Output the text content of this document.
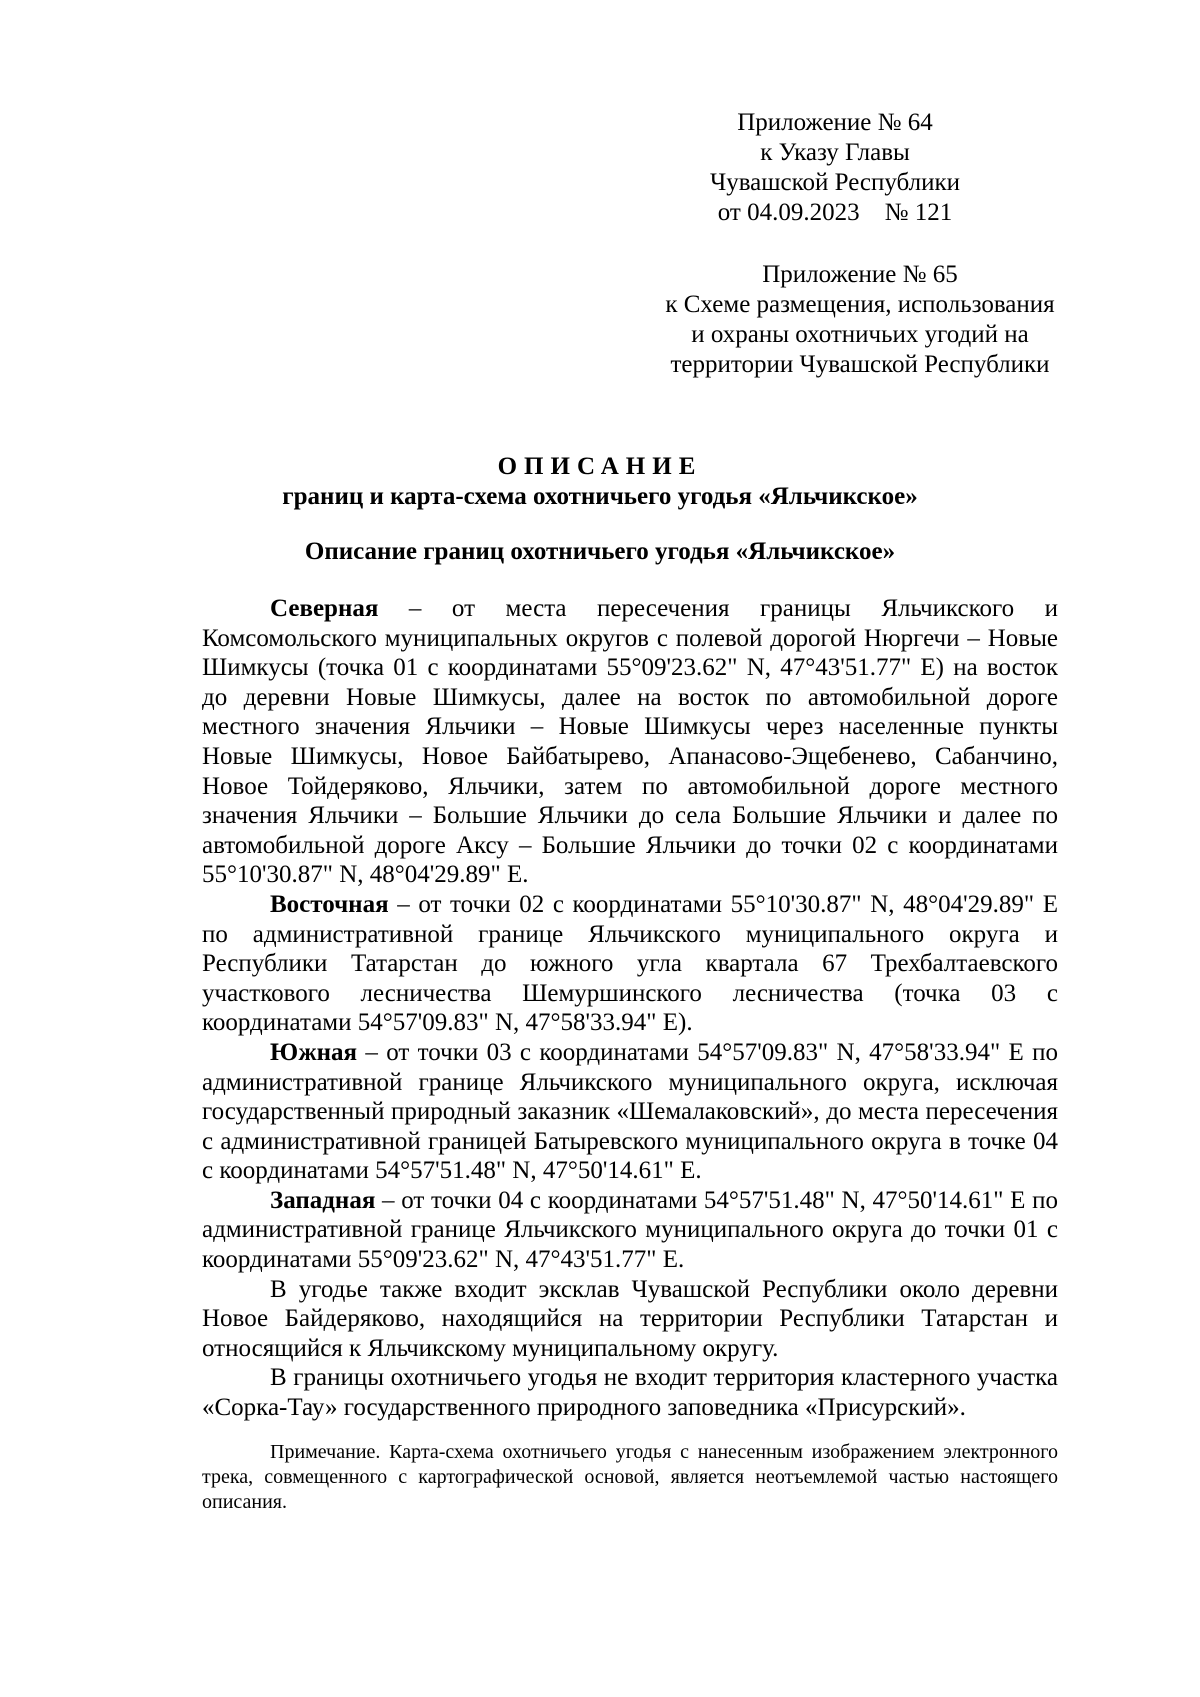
Приложение № 64
к Указу Главы
Чувашской Республики
от 04.09.2023    № 121
Приложение № 65
к Схеме размещения, использования
и охраны охотничьих угодий на
территории Чувашской Республики
ОПИСАНИЕ
границ и карта-схема охотничьего угодья «Яльчикское»
Описание границ охотничьего угодья «Яльчикское»

Северная – от места пересечения границы Яльчикского и Комсомольского муниципальных округов с полевой дорогой Нюргечи – Новые Шимкусы (точка 01 с координатами 55°09'23.62" N, 47°43'51.77" E) на восток до деревни Новые Шимкусы, далее на восток по автомобильной дороге местного значения Яльчики – Новые Шимкусы через населенные пункты Новые Шимкусы, Новое Байбатырево, Апанасово-Эщебенево, Сабанчино, Новое Тойдеряково, Яльчики, затем по автомобильной дороге местного значения Яльчики – Большие Яльчики до села Большие Яльчики и далее по автомобильной дороге Аксу – Большие Яльчики до точки 02 с координатами 55°10'30.87" N, 48°04'29.89" E.

Восточная – от точки 02 с координатами 55°10'30.87" N, 48°04'29.89" E по административной границе Яльчикского муниципального округа и Республики Татарстан до южного угла квартала 67 Трехбалтаевского участкового лесничества Шемуршинского лесничества (точка 03 с координатами 54°57'09.83" N, 47°58'33.94" E).

Южная – от точки 03 с координатами 54°57'09.83" N, 47°58'33.94" E по административной границе Яльчикского муниципального округа, исключая государственный природный заказник «Шемалаковский», до места пересечения с административной границей Батыревского муниципального округа в точке 04 с координатами 54°57'51.48" N, 47°50'14.61" E.

Западная – от точки 04 с координатами 54°57'51.48" N, 47°50'14.61" E по административной границе Яльчикского муниципального округа до точки 01 с координатами 55°09'23.62" N, 47°43'51.77" E.

В угодье также входит эксклав Чувашской Республики около деревни Новое Байдеряково, находящийся на территории Республики Татарстан и относящийся к Яльчикскому муниципальному округу.

В границы охотничьего угодья не входит территория кластерного участка «Сорка-Тау» государственного природного заповедника «Присурский».

Примечание. Карта-схема охотничьего угодья с нанесенным изображением электронного трека, совмещенного с картографической основой, является неотъемлемой частью настоящего описания.
